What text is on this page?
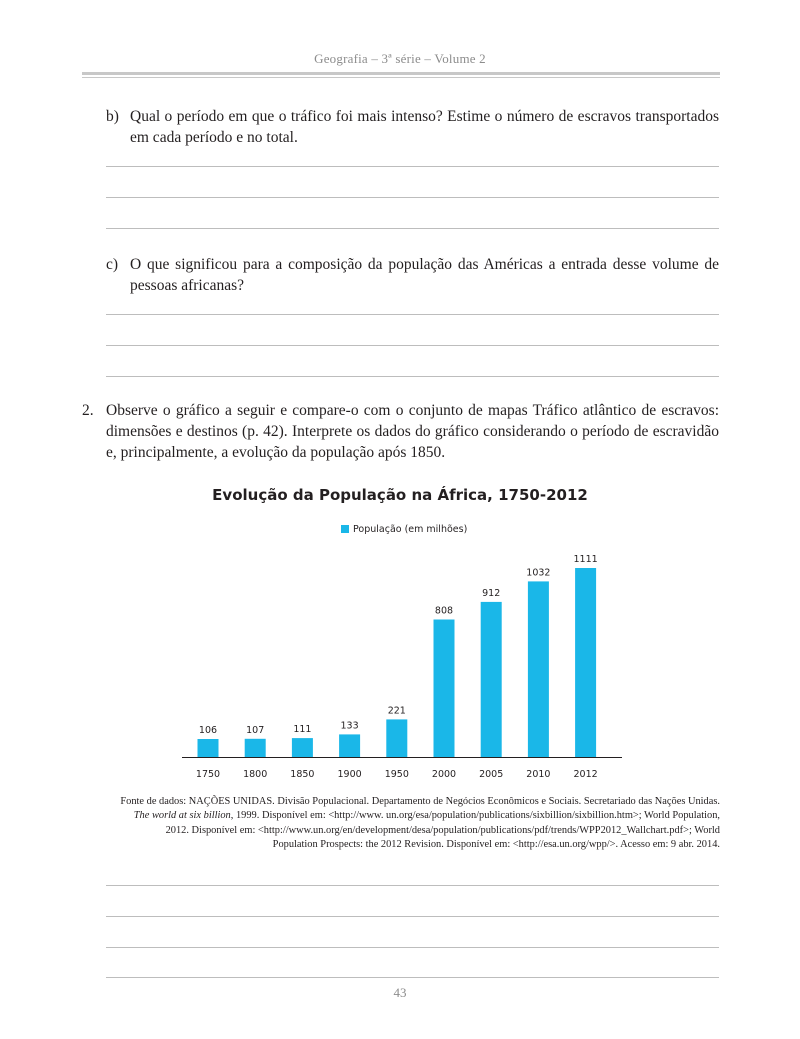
Geografia – 3ª série – Volume 2
b) Qual o período em que o tráfico foi mais intenso? Estime o número de escravos transportados em cada período e no total.
c) O que significou para a composição da população das Américas a entrada desse volume de pessoas africanas?
2. Observe o gráfico a seguir e compare-o com o conjunto de mapas Tráfico atlântico de escravos: dimensões e destinos (p. 42). Interprete os dados do gráfico considerando o período de escravidão e, principalmente, a evolução da população após 1850.
Evolução da População na África, 1750-2012
População (em milhões)
106
1750
107
1800
111
1850
133
1900
221
1950
808
2000
912
2005
1032
2010
1111
2012
Fonte de dados: NAÇÕES UNIDAS. Divisão Populacional. Departamento de Negócios Econômicos e Sociais. Secretariado das Nações Unidas.
The world at six billion, 1999. Disponível em: <http://www. un.org/esa/population/publications/sixbillion/sixbillion.htm>; World Population,
2012. Disponível em: <http://www.un.org/en/development/desa/population/publications/pdf/trends/WPP2012_Wallchart.pdf>; World
Population Prospects: the 2012 Revision. Disponível em: <http://esa.un.org/wpp/>. Acesso em: 9 abr. 2014.
43
